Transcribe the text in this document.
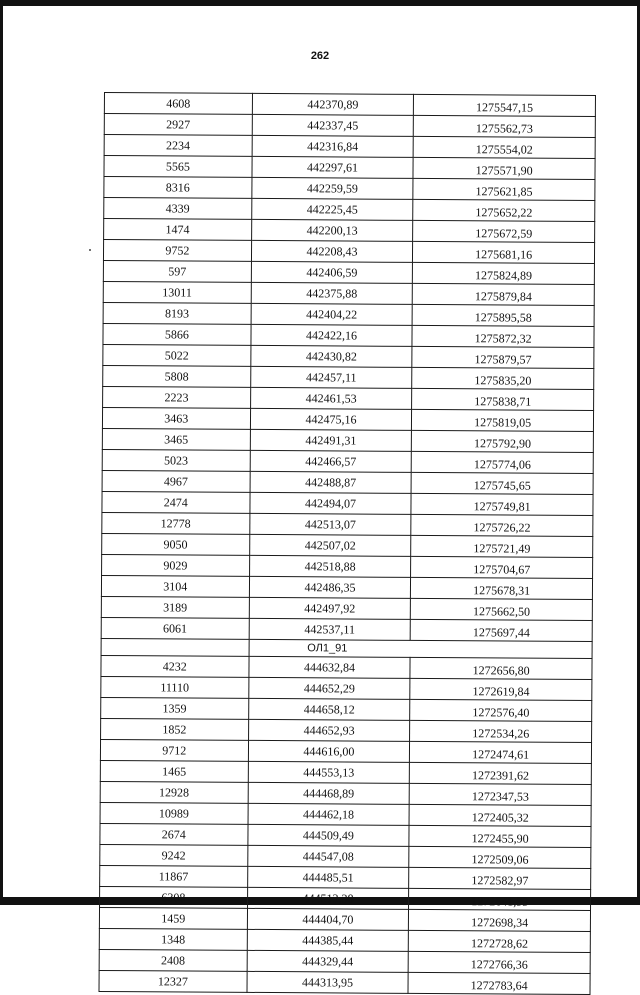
262
4608	442370,89	1275547,15
2927	442337,45	1275562,73
2234	442316,84	1275554,02
5565	442297,61	1275571,90
8316	442259,59	1275621,85
4339	442225,45	1275652,22
1474	442200,13	1275672,59
9752	442208,43	1275681,16
597	442406,59	1275824,89
13011	442375,88	1275879,84
8193	442404,22	1275895,58
5866	442422,16	1275872,32
5022	442430,82	1275879,57
5808	442457,11	1275835,20
2223	442461,53	1275838,71
3463	442475,16	1275819,05
3465	442491,31	1275792,90
5023	442466,57	1275774,06
4967	442488,87	1275745,65
2474	442494,07	1275749,81
12778	442513,07	1275726,22
9050	442507,02	1275721,49
9029	442518,88	1275704,67
3104	442486,35	1275678,31
3189	442497,92	1275662,50
6061	442537,11	1275697,44
	ОЛ1_91	
4232	444632,84	1272656,80
11110	444652,29	1272619,84
1359	444658,12	1272576,40
1852	444652,93	1272534,26
9712	444616,00	1272474,61
1465	444553,13	1272391,62
12928	444468,89	1272347,53
10989	444462,18	1272405,32
2674	444509,49	1272455,90
9242	444547,08	1272509,06
11867	444485,51	1272582,97
6308	444513,38	1272641,33
1459	444404,70	1272698,34
1348	444385,44	1272728,62
2408	444329,44	1272766,36
12327	444313,95	1272783,64
